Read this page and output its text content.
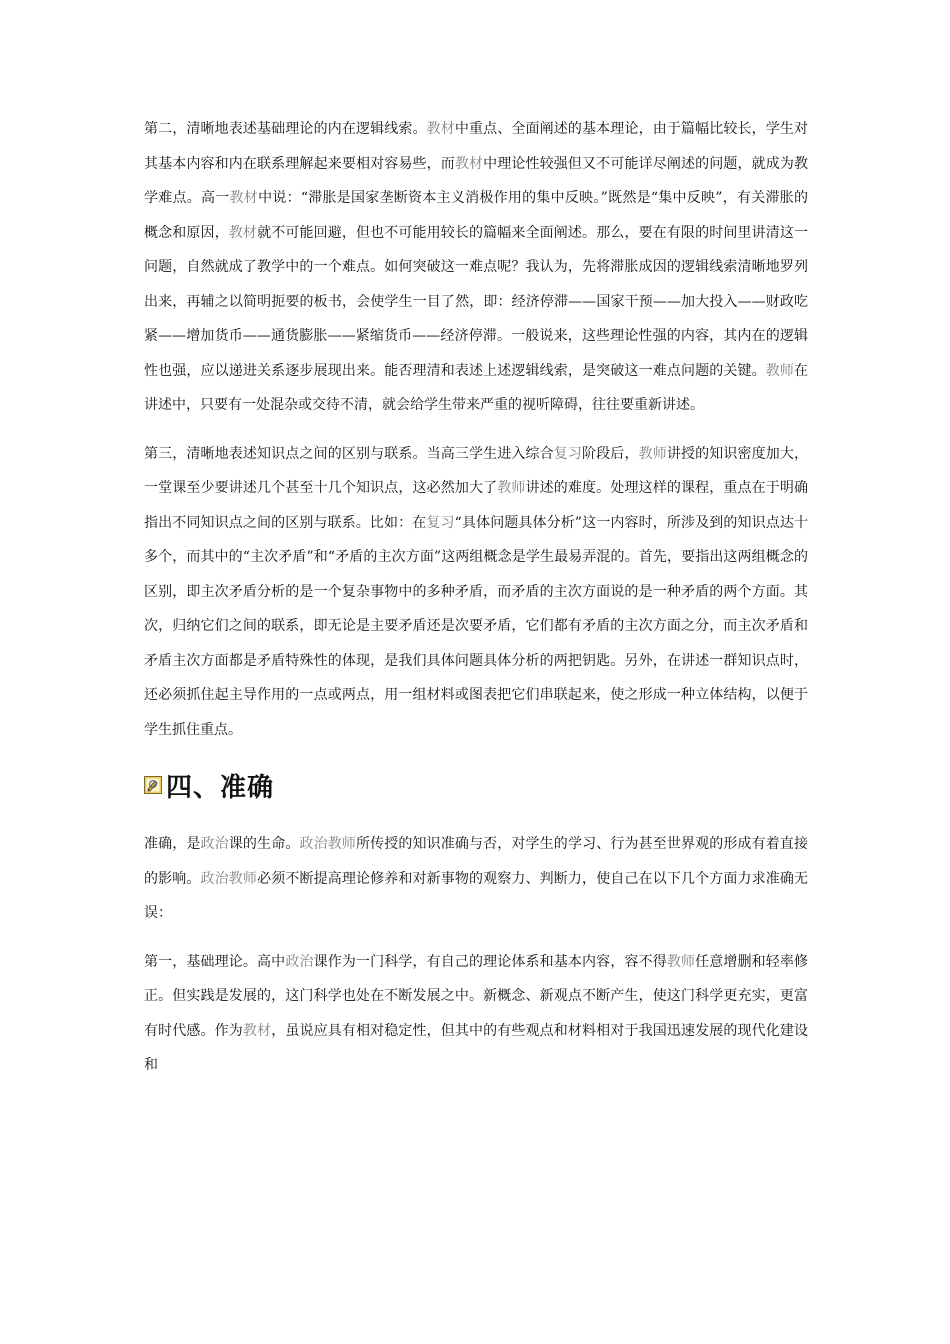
第二，清晰地表述基础理论的内在逻辑线索。教材中重点、全面阐述的基本理论，由于篇幅比较长，学生对其基本内容和内在联系理解起来要相对容易些，而教材中理论性较强但又不可能详尽阐述的问题，就成为教学难点。高一教材中说：“滞胀是国家垄断资本主义消极作用的集中反映。”既然是“集中反映”，有关滞胀的概念和原因，教材就不可能回避，但也不可能用较长的篇幅来全面阐述。那么，要在有限的时间里讲清这一问题，自然就成了教学中的一个难点。如何突破这一难点呢？我认为，先将滞胀成因的逻辑线索清晰地罗列出来，再辅之以简明扼要的板书，会使学生一目了然，即：经济停滞——国家干预——加大投入——财政吃紧——增加货币——通货膨胀——紧缩货币——经济停滞。一般说来，这些理论性强的内容，其内在的逻辑性也强，应以递进关系逐步展现出来。能否理清和表述上述逻辑线索，是突破这一难点问题的关键。教师在讲述中，只要有一处混杂或交待不清，就会给学生带来严重的视听障碍，往往要重新讲述。

第三，清晰地表述知识点之间的区别与联系。当高三学生进入综合复习阶段后，教师讲授的知识密度加大，一堂课至少要讲述几个甚至十几个知识点，这必然加大了教师讲述的难度。处理这样的课程，重点在于明确指出不同知识点之间的区别与联系。比如：在复习“具体问题具体分析”这一内容时，所涉及到的知识点达十多个，而其中的“主次矛盾”和“矛盾的主次方面”这两组概念是学生最易弄混的。首先，要指出这两组概念的区别，即主次矛盾分析的是一个复杂事物中的多种矛盾，而矛盾的主次方面说的是一种矛盾的两个方面。其次，归纳它们之间的联系，即无论是主要矛盾还是次要矛盾，它们都有矛盾的主次方面之分，而主次矛盾和矛盾主次方面都是矛盾特殊性的体现，是我们具体问题具体分析的两把钥匙。另外，在讲述一群知识点时，还必须抓住起主导作用的一点或两点，用一组材料或图表把它们串联起来，使之形成一种立体结构，以便于学生抓住重点。

四、准确

准确，是政治课的生命。政治教师所传授的知识准确与否，对学生的学习、行为甚至世界观的形成有着直接的影响。政治教师必须不断提高理论修养和对新事物的观察力、判断力，使自己在以下几个方面力求准确无误：

第一，基础理论。高中政治课作为一门科学，有自己的理论体系和基本内容，容不得教师任意增删和轻率修正。但实践是发展的，这门科学也处在不断发展之中。新概念、新观点不断产生，使这门科学更充实，更富有时代感。作为教材，虽说应具有相对稳定性，但其中的有些观点和材料相对于我国迅速发展的现代化建设和
